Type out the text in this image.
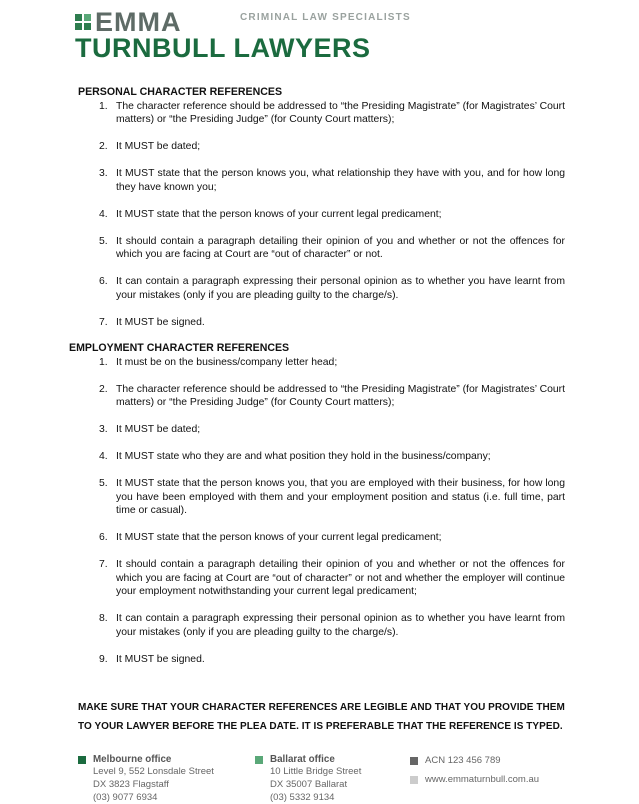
EMMA
TURNBULL LAWYERS
CRIMINAL LAW SPECIALISTS
PERSONAL CHARACTER REFERENCES
1. The character reference should be addressed to “the Presiding Magistrate” (for Magistrates’ Court matters) or “the Presiding Judge” (for County Court matters);
2. It MUST be dated;
3. It MUST state that the person knows you, what relationship they have with you, and for how long they have known you;
4. It MUST state that the person knows of your current legal predicament;
5. It should contain a paragraph detailing their opinion of you and whether or not the offences for which you are facing at Court are “out of character” or not.
6. It can contain a paragraph expressing their personal opinion as to whether you have learnt from your mistakes (only if you are pleading guilty to the charge/s).
7. It MUST be signed.
EMPLOYMENT CHARACTER REFERENCES
1. It must be on the business/company letter head;
2. The character reference should be addressed to “the Presiding Magistrate” (for Magistrates’ Court matters) or “the Presiding Judge” (for County Court matters);
3. It MUST be dated;
4. It MUST state who they are and what position they hold in the business/company;
5. It MUST state that the person knows you, that you are employed with their business, for how long you have been employed with them and your employment position and status (i.e. full time, part time or casual).
6. It MUST state that the person knows of your current legal predicament;
7. It should contain a paragraph detailing their opinion of you and whether or not the offences for which you are facing at Court are “out of character” or not and whether the employer will continue your employment notwithstanding your current legal predicament;
8. It can contain a paragraph expressing their personal opinion as to whether you have learnt from your mistakes (only if you are pleading guilty to the charge/s).
9. It MUST be signed.
MAKE SURE THAT YOUR CHARACTER REFERENCES ARE LEGIBLE AND THAT YOU PROVIDE THEM TO YOUR LAWYER BEFORE THE PLEA DATE. IT IS PREFERABLE THAT THE REFERENCE IS TYPED.
Melbourne office
Level 9, 552 Lonsdale Street
DX 3823 Flagstaff
(03) 9077 6934
Ballarat office
10 Little Bridge Street
DX 35007 Ballarat
(03) 5332 9134
ACN 123 456 789
www.emmaturnbull.com.au
